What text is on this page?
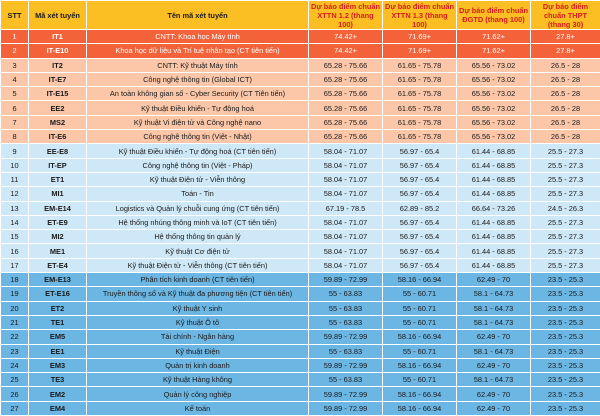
STT	Mã xét tuyển	Tên mã xét tuyển	Dự báo điểm chuẩn XTTN 1.2 (thang 100)	Dự báo điểm chuẩn XTTN 1.3 (thang 100)	Dự báo điểm chuẩn ĐGTD (thang 100)	Dự báo điểm chuẩn THPT (thang 30)
1	IT1	CNTT: Khoa học Máy tính	74.42+	71.69+	71.62+	27.8+
2	IT-E10	Khoa học dữ liệu và Trí tuệ nhân tạo (CT tiên tiến)	74.42+	71.69+	71.62+	27.8+
3	IT2	CNTT: Kỹ thuật Máy tính	65.28 - 75.66	61.65 - 75.78	65.56 - 73.02	26.5 - 28
4	IT-E7	Công nghệ thông tin (Global ICT)	65.28 - 75.66	61.65 - 75.78	65.56 - 73.02	26.5 - 28
5	IT-E15	An toàn không gian số - Cyber Security (CT Tiên tiến)	65.28 - 75.66	61.65 - 75.78	65.56 - 73.02	26.5 - 28
6	EE2	Kỹ thuật Điều khiển - Tự động hoá	65.28 - 75.66	61.65 - 75.78	65.56 - 73.02	26.5 - 28
7	MS2	Kỹ thuật Vi điện tử và Công nghệ nano	65.28 - 75.66	61.65 - 75.78	65.56 - 73.02	26.5 - 28
8	IT-E6	Công nghệ thông tin (Việt - Nhật)	65.28 - 75.66	61.65 - 75.78	65.56 - 73.02	26.5 - 28
9	EE-E8	Kỹ thuật Điều khiển - Tự động hoá (CT tiên tiến)	58.04 - 71.07	56.97 - 65.4	61.44 - 68.85	25.5 - 27.3
10	IT-EP	Công nghệ thông tin (Việt - Pháp)	58.04 - 71.07	56.97 - 65.4	61.44 - 68.85	25.5 - 27.3
11	ET1	Kỹ thuật Điện tử - Viễn thông	58.04 - 71.07	56.97 - 65.4	61.44 - 68.85	25.5 - 27.3
12	MI1	Toán - Tin	58.04 - 71.07	56.97 - 65.4	61.44 - 68.85	25.5 - 27.3
13	EM-E14	Logistics và Quản lý chuỗi cung ứng (CT tiên tiến)	67.19 - 78.5	62.89 - 85.2	66.64 - 73.26	24.5 - 26.3
14	ET-E9	Hệ thống nhúng thông minh và IoT (CT tiên tiến)	58.04 - 71.07	56.97 - 65.4	61.44 - 68.85	25.5 - 27.3
15	MI2	Hệ thống thông tin quản lý	58.04 - 71.07	56.97 - 65.4	61.44 - 68.85	25.5 - 27.3
16	ME1	Kỹ thuật Cơ điện tử	58.04 - 71.07	56.97 - 65.4	61.44 - 68.85	25.5 - 27.3
17	ET-E4	Kỹ thuật Điện tử - Viễn thông (CT tiên tiến)	58.04 - 71.07	56.97 - 65.4	61.44 - 68.85	25.5 - 27.3
18	EM-E13	Phân tích kinh doanh (CT tiên tiến)	59.89 - 72.99	58.16 - 66.94	62.49 - 70	23.5 - 25.3
19	ET-E16	Truyền thông số và Kỹ thuật đa phương tiện (CT tiên tiến)	55 - 63.83	55 - 60.71	58.1 - 64.73	23.5 - 25.3
20	ET2	Kỹ thuật Y sinh	55 - 63.83	55 - 60.71	58.1 - 64.73	23.5 - 25.3
21	TE1	Kỹ thuật Ô tô	55 - 63.83	55 - 60.71	58.1 - 64.73	23.5 - 25.3
22	EM5	Tài chính - Ngân hàng	59.89 - 72.99	58.16 - 66.94	62.49 - 70	23.5 - 25.3
23	EE1	Kỹ thuật Điện	55 - 63.83	55 - 60.71	58.1 - 64.73	23.5 - 25.3
24	EM3	Quản trị kinh doanh	59.89 - 72.99	58.16 - 66.94	62.49 - 70	23.5 - 25.3
25	TE3	Kỹ thuật Hàng không	55 - 63.83	55 - 60.71	58.1 - 64.73	23.5 - 25.3
26	EM2	Quản lý công nghiệp	59.89 - 72.99	58.16 - 66.94	62.49 - 70	23.5 - 25.3
27	EM4	Kế toán	59.89 - 72.99	58.16 - 66.94	62.49 - 70	23.5 - 25.3
